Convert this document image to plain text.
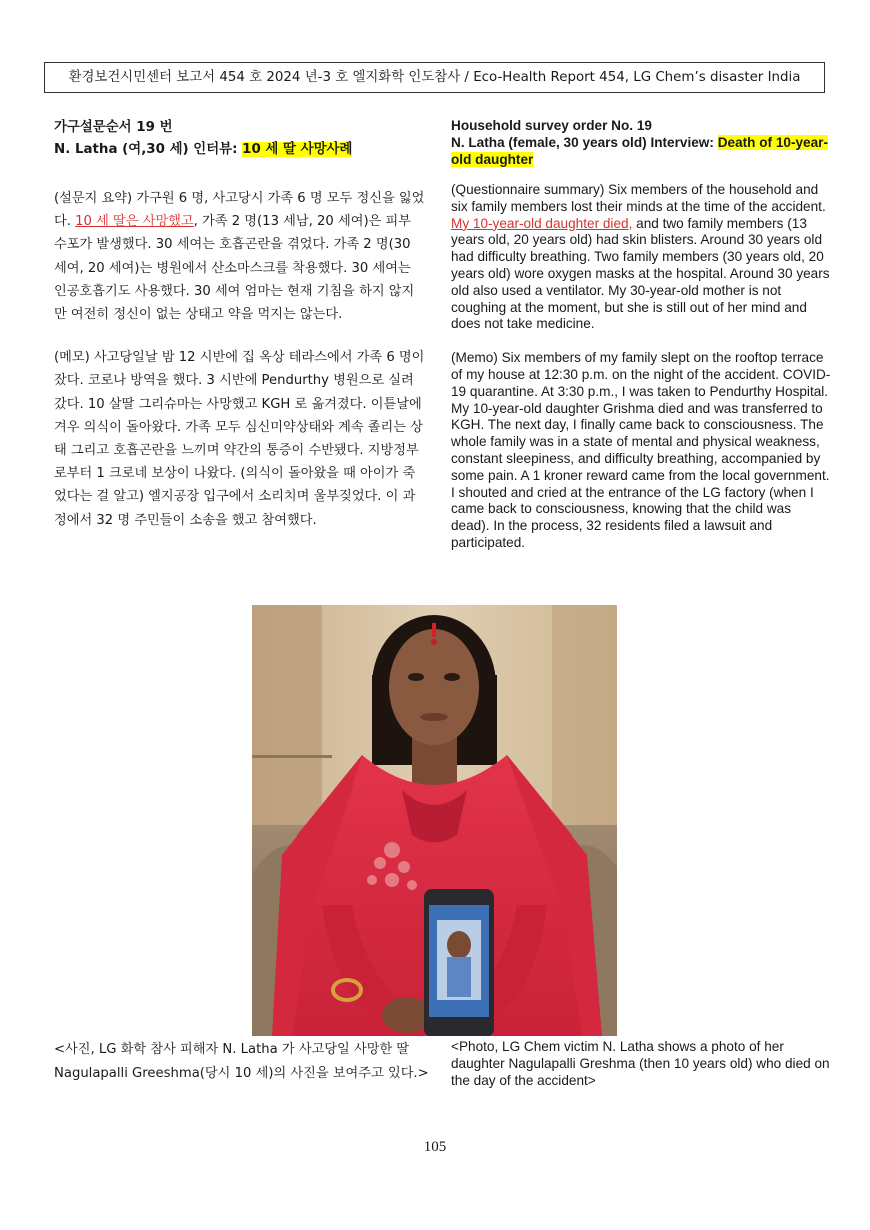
환경보건시민센터 보고서 454 호 2024 년-3 호 엘지화학 인도참사 / Eco-Health Report 454, LG Chem’s disaster India

가구설문순서 19 번

N. Latha (여,30 세) 인터뷰: 10 세 딸 사망사례

(설문지 요약) 가구원 6 명, 사고당시 가족 6 명 모두 정신을 잃었다. 10 세 딸은 사망했고, 가족 2 명(13 세남, 20 세여)은 피부 수포가 발생했다. 30 세여는 호흡곤란을 겪었다. 가족 2 명(30 세여, 20 세여)는 병원에서 산소마스크를 착용했다. 30 세여는 인공호흡기도 사용했다. 30 세여 엄마는 현재 기침을 하지 않지만 여전히 정신이 없는 상태고 약을 먹지는 않는다.

(메모) 사고당일날 밤 12 시반에 집 옥상 테라스에서 가족 6 명이 잤다. 코로나 방역을 했다. 3 시반에 Pendurthy 병원으로 실려갔다. 10 살딸 그리슈마는 사망했고 KGH 로 옮겨졌다. 이튿날에 겨우 의식이 돌아왔다. 가족 모두 심신미약상태와 계속 졸리는 상태 그리고 호흡곤란을 느끼며 약간의 통증이 수반됐다. 지방정부로부터 1 크로네 보상이 나왔다. (의식이 돌아왔을 때 아이가 죽었다는 걸 알고) 엘지공장 입구에서 소리치며 울부짖었다. 이 과정에서 32 명 주민들이 소송을 했고 참여했다.

Household survey order No. 19

N. Latha (female, 30 years old) Interview: Death of 10-year-old daughter

(Questionnaire summary) Six members of the household and six family members lost their minds at the time of the accident. My 10-year-old daughter died, and two family members (13 years old, 20 years old) had skin blisters. Around 30 years old had difficulty breathing. Two family members (30 years old, 20 years old) wore oxygen masks at the hospital. Around 30 years old also used a ventilator. My 30-year-old mother is not coughing at the moment, but she is still out of her mind and does not take medicine.

(Memo) Six members of my family slept on the rooftop terrace of my house at 12:30 p.m. on the night of the accident. COVID-19 quarantine. At 3:30 p.m., I was taken to Pendurthy Hospital. My 10-year-old daughter Grishma died and was transferred to KGH. The next day, I finally came back to consciousness. The whole family was in a state of mental and physical weakness, constant sleepiness, and difficulty breathing, accompanied by some pain. A 1 kroner reward came from the local government. I shouted and cried at the entrance of the LG factory (when I came back to consciousness, knowing that the child was dead). In the process, 32 residents filed a lawsuit and participated.

<사진, LG 화학 참사 피해자 N. Latha 가 사고당일 사망한 딸 Nagulapalli Greeshma(당시 10 세)의 사진을 보여주고 있다.>
<Photo, LG Chem victim N. Latha shows a photo of her daughter Nagulapalli Greshma (then 10 years old) who died on the day of the accident>
105
